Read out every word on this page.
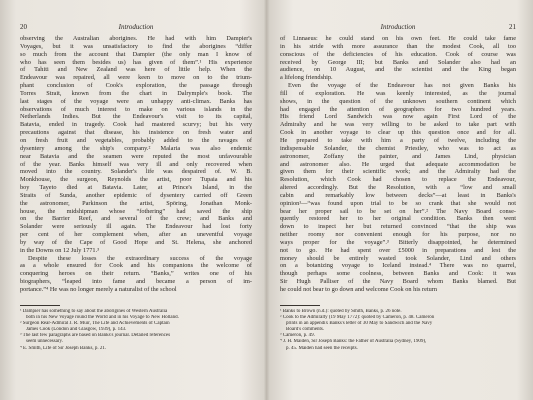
20	Introduction
observing the Australian aborigines. He had with him Dampier's
Voyages, but it was unsatisfactory to find the aborigines “differ
so much from the account that Dampier (the only man I know of
who has seen them besides us) has given of them”.¹ His experience
of Tahiti and New Zealand was here of little help. When the
Endeavour was repaired, all were keen to move on to the trium-
phant conclusion of Cook's exploration, the passage through
Torres Strait, known from the chart in Dalrymple's book. The
last stages of the voyage were an unhappy anti-climax. Banks has
observations of much interest to make on various islands in the
Netherlands Indies. But the Endeavour's visit to its capital,
Batavia, ended in tragedy. Cook had mastered scurvy; but his very
precautions against that disease, his insistence on fresh water and
on fresh fruit and vegetables, probably added to the ravages of
dysentery among the ship's company.² Malaria was also endemic
near Batavia and the seamen were reputed the most unfavourable
of the year. Banks himself was very ill and only recovered when
moved into the country. Solander's life was despaired of. W. B.
Monkhouse, the surgeon, Reynolds the artist, poor Tupaia and his
boy Tayeto died at Batavia. Later, at Prince's Island, in the
Straits of Sunda, another epidemic of dysentery carried off Green
the astronomer, Parkinson the artist, Spöring, Jonathan Monk-
house, the midshipman whose “fothering” had saved the ship
on the Barrier Reef, and several of the crew; and Banks and
Solander were seriously ill again. The Endeavour had lost forty
per cent of her complement when, after an uneventful voyage
by way of the Cape of Good Hope and St. Helena, she anchored
in the Downs on 12 July 1771.³
Despite these losses the extraordinary success of the voyage
as a whole ensured for Cook and his companions the welcome of
conquering heroes on their return. “Banks,” writes one of his
biographers, “leaped into fame and became a person of im-
portance.”⁴ He was no longer merely a naturalist of the school
¹ Dampier has something to say about the aborigines of Western Australia
both in his New Voyage round the World and in his Voyage to New Holland.
² Surgeon Rear-Admiral J. R. Muir, The Life and Achievements of Captain
James Cook (London and Glasgow, 1939), p. 143.
³ The last few paragraphs are based on Banks's journal. Detailed references
seem unnecessary.
⁴ E. Smith, Life of Sir Joseph Banks, p. 21.
Introduction	21
of Linnaeus: he could stand on his own feet. He could take fame
in his stride with more assurance than the modest Cook, all too
conscious of the deficiencies of his education. Cook of course was
received by George III; but Banks and Solander also had an
audience, on 10 August, and the scientist and the King began
a lifelong friendship.
Even the voyage of the Endeavour has not given Banks his
fill of exploration. He was keenly interested, as the journal
shows, in the question of the unknown southern continent which
had engaged the attention of geographers for two hundred years.
His friend Lord Sandwich was now again First Lord of the
Admiralty and he was very willing to be asked to take part with
Cook in another voyage to clear up this question once and for all.
He prepared to take with him a party of twelve, including the
indispensable Solander, the chemist Priestley, who was to act as
astronomer, Zoffany the painter, and James Lind, physician
and astronomer also. He urged that adequate accommodation be
given them for their scientific work; and the Admiralty had the
Resolution, which Cook had chosen to replace the Endeavour,
altered accordingly. But the Resolution, with a “low and small
cabin and remarkably low between decks”—at least in Banks's
opinion¹—“was found upon trial to be so crank that she would not
bear her proper sail to be set on her”.² The Navy Board conse-
quently restored her to her original condition. Banks then went
down to inspect her but returned convinced “that the ship was
neither roomy nor convenient enough for his purpose, nor no
ways proper for the voyage”.³ Bitterly disappointed, he determined
not to go. He had spent over £5000 in preparations and lest the
money should be entirely wasted took Solander, Lind and others
on a botanizing voyage to Iceland instead.⁴ There was no quarrel,
though perhaps some coolness, between Banks and Cook: it was
Sir Hugh Palliser of the Navy Board whom Banks blamed. But
he could not bear to go down and welcome Cook on his return
¹ Banks to Brown (n.d.): quoted by Smith, Banks, p. 26 note.
² Cook to the Admiralty (19 May 1772): quoted by Cameron, p. 48. Cameron
prints in an appendix Banks's letter of 30 May to Sandwich and the Navy
Board's comments.
³ Cameron, p. 49.
⁴ J. H. Maiden, Sir Joseph Banks: the Father of Australia (Sydney, 1909),
p. 45. Maiden had seen the receipts.
